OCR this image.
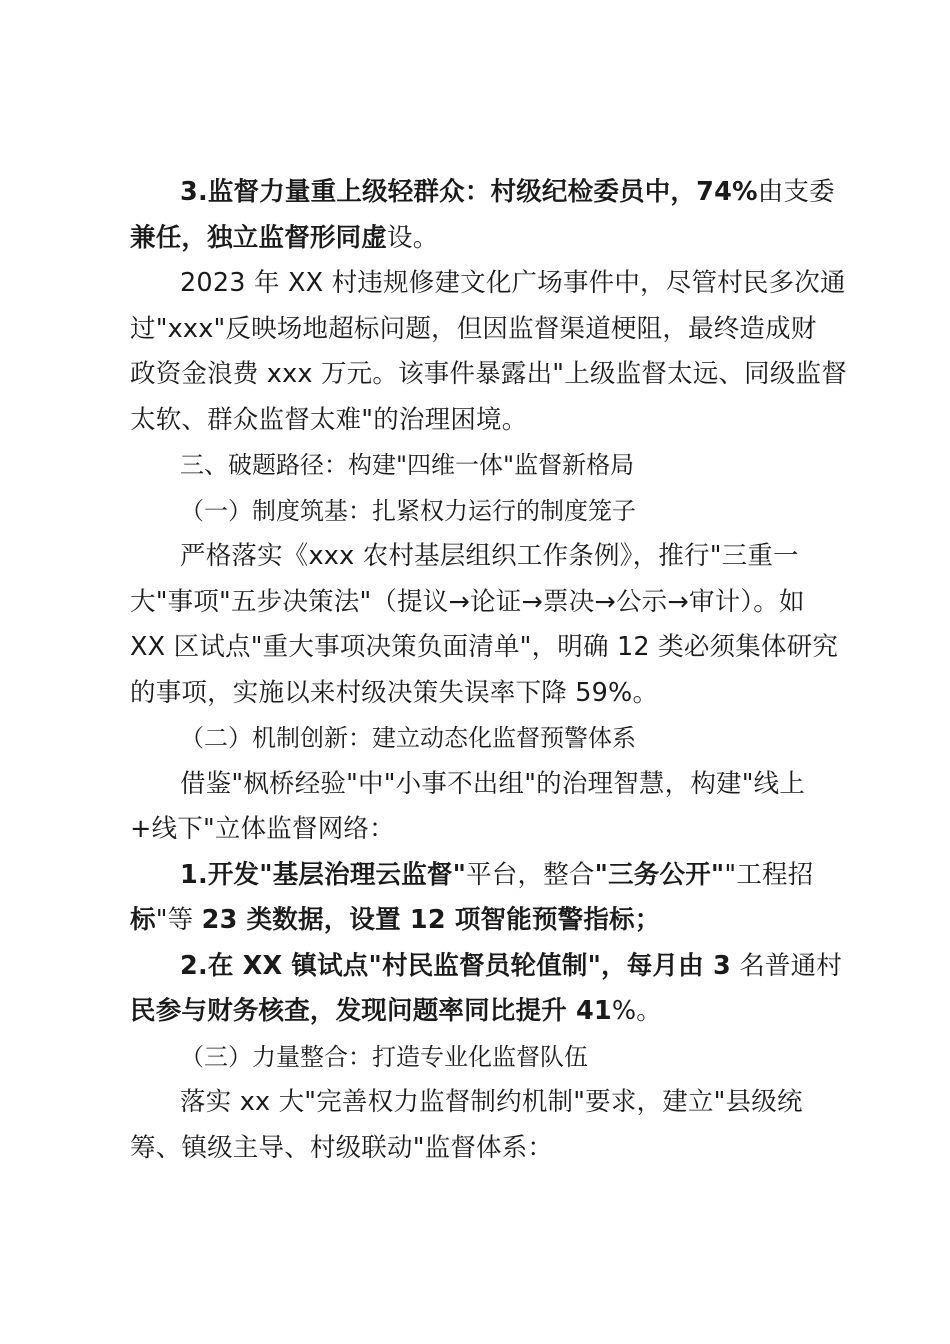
3.监督力量重上级轻群众：村级纪检委员中，74%由支委
兼任，独立监督形同虚设。

2023 年 XX 村违规修建文化广场事件中，尽管村民多次通
过"xxx"反映场地超标问题，但因监督渠道梗阻，最终造成财
政资金浪费 xxx 万元。该事件暴露出"上级监督太远、同级监督
太软、群众监督太难"的治理困境。

三、破题路径：构建"四维一体"监督新格局

（一）制度筑基：扎紧权力运行的制度笼子

严格落实《xxx 农村基层组织工作条例》，推行"三重一
大"事项"五步决策法"（提议→论证→票决→公示→审计）。如
XX 区试点"重大事项决策负面清单"，明确 12 类必须集体研究
的事项，实施以来村级决策失误率下降 59%。

（二）机制创新：建立动态化监督预警体系

借鉴"枫桥经验"中"小事不出组"的治理智慧，构建"线上
+线下"立体监督网络：

1.开发"基层治理云监督"平台，整合"三务公开""工程招
标"等 23 类数据，设置 12 项智能预警指标；

2.在 XX 镇试点"村民监督员轮值制"，每月由 3 名普通村
民参与财务核查，发现问题率同比提升 41%。

（三）力量整合：打造专业化监督队伍

落实 xx 大"完善权力监督制约机制"要求，建立"县级统
筹、镇级主导、村级联动"监督体系：
